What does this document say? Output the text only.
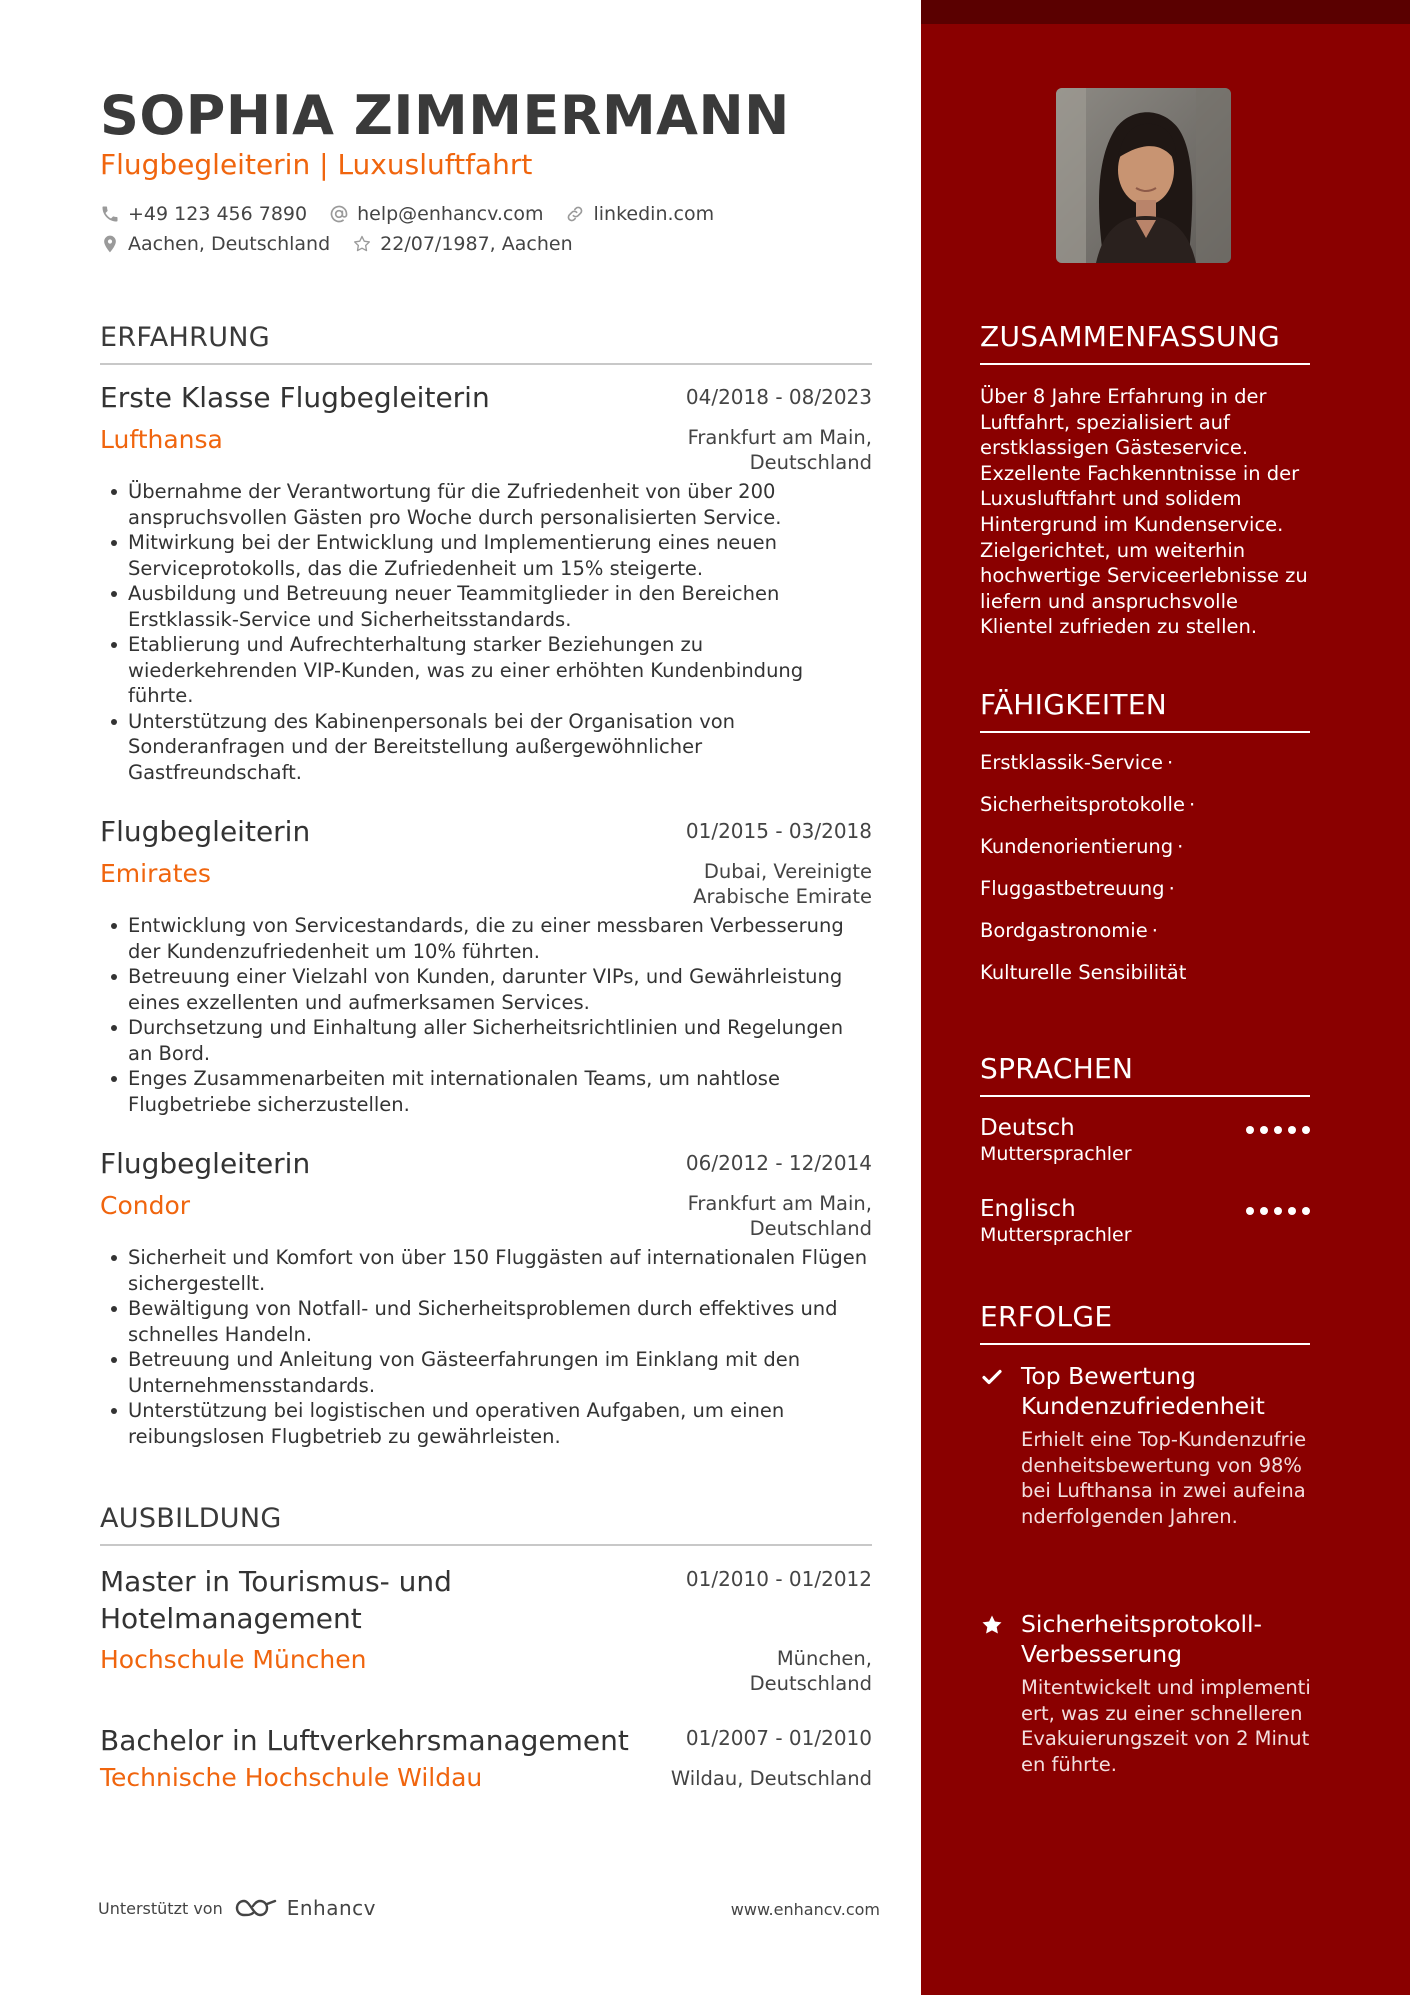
SOPHIA ZIMMERMANN
Flugbegleiterin | Luxusluftfahrt
+49 123 456 7890	help@enhancv.com	linkedin.com
Aachen, Deutschland	22/07/1987, Aachen
ERFAHRUNG
Erste Klasse Flugbegleiterin	04/2018 - 08/2023
Lufthansa	Frankfurt am Main,
Deutschland
Übernahme der Verantwortung für die Zufriedenheit von über 200 anspruchsvollen Gästen pro Woche durch personalisierten Service.
Mitwirkung bei der Entwicklung und Implementierung eines neuen Serviceprotokolls, das die Zufriedenheit um 15% steigerte.
Ausbildung und Betreuung neuer Teammitglieder in den Bereichen Erstklassik-Service und Sicherheitsstandards.
Etablierung und Aufrechterhaltung starker Beziehungen zu wiederkehrenden VIP-Kunden, was zu einer erhöhten Kundenbindung führte.
Unterstützung des Kabinenpersonals bei der Organisation von Sonderanfragen und der Bereitstellung außergewöhnlicher Gastfreundschaft.
Flugbegleiterin	01/2015 - 03/2018
Emirates	Dubai, Vereinigte
Arabische Emirate
Entwicklung von Servicestandards, die zu einer messbaren Verbesserung der Kundenzufriedenheit um 10% führten.
Betreuung einer Vielzahl von Kunden, darunter VIPs, und Gewährleistung eines exzellenten und aufmerksamen Services.
Durchsetzung und Einhaltung aller Sicherheitsrichtlinien und Regelungen an Bord.
Enges Zusammenarbeiten mit internationalen Teams, um nahtlose Flugbetriebe sicherzustellen.
Flugbegleiterin	06/2012 - 12/2014
Condor	Frankfurt am Main,
Deutschland
Sicherheit und Komfort von über 150 Fluggästen auf internationalen Flügen sichergestellt.
Bewältigung von Notfall- und Sicherheitsproblemen durch effektives und schnelles Handeln.
Betreuung und Anleitung von Gästeerfahrungen im Einklang mit den Unternehmensstandards.
Unterstützung bei logistischen und operativen Aufgaben, um einen reibungslosen Flugbetrieb zu gewährleisten.
AUSBILDUNG
Master in Tourismus- und
Hotelmanagement
01/2010 - 01/2012
Hochschule München	München,
Deutschland
Bachelor in Luftverkehrsmanagement	01/2007 - 01/2010
Technische Hochschule Wildau	Wildau, Deutschland
Unterstützt von	Enhancv	www.enhancv.com
ZUSAMMENFASSUNG
Über 8 Jahre Erfahrung in der Luftfahrt, spezialisiert auf erstklassigen Gästeservice. Exzellente Fachkenntnisse in der Luxusluftfahrt und solidem Hintergrund im Kundenservice. Zielgerichtet, um weiterhin hochwertige Serviceerlebnisse zu liefern und anspruchsvolle Klientel zufrieden zu stellen.
FÄHIGKEITEN
Erstklassik-Service ·
Sicherheitsprotokolle ·
Kundenorientierung ·
Fluggastbetreuung ·
Bordgastronomie ·
Kulturelle Sensibilität
SPRACHEN
Deutsch
Muttersprachler
Englisch
Muttersprachler
ERFOLGE
Top Bewertung Kundenzufriedenheit
Erhielt eine Top-Kundenzufriedenheitsbewertung von 98% bei Lufthansa in zwei aufeinanderfolgenden Jahren.
Sicherheitsprotokoll-Verbesserung
Mitentwickelt und implementiert, was zu einer schnelleren Evakuierungszeit von 2 Minuten führte.
